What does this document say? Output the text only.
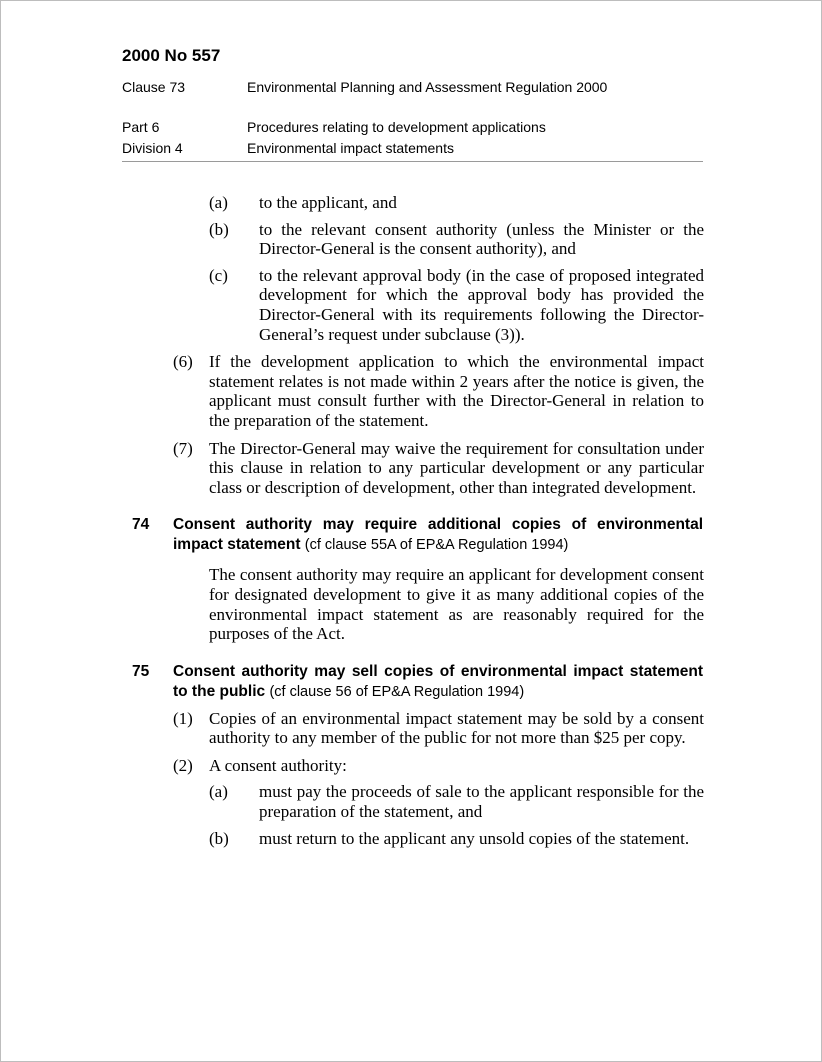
2000 No 557
Clause 73	Environmental Planning and Assessment Regulation 2000
Part 6	Procedures relating to development applications
Division 4	Environmental impact statements
(a) to the applicant, and
(b) to the relevant consent authority (unless the Minister or the Director-General is the consent authority), and
(c) to the relevant approval body (in the case of proposed integrated development for which the approval body has provided the Director-General with its requirements following the Director-General’s request under subclause (3)).
(6) If the development application to which the environmental impact statement relates is not made within 2 years after the notice is given, the applicant must consult further with the Director-General in relation to the preparation of the statement.
(7) The Director-General may waive the requirement for consultation under this clause in relation to any particular development or any particular class or description of development, other than integrated development.
74 Consent authority may require additional copies of environmental impact statement (cf clause 55A of EP&A Regulation 1994)
The consent authority may require an applicant for development consent for designated development to give it as many additional copies of the environmental impact statement as are reasonably required for the purposes of the Act.
75 Consent authority may sell copies of environmental impact statement to the public (cf clause 56 of EP&A Regulation 1994)
(1) Copies of an environmental impact statement may be sold by a consent authority to any member of the public for not more than $25 per copy.
(2) A consent authority:
(a) must pay the proceeds of sale to the applicant responsible for the preparation of the statement, and
(b) must return to the applicant any unsold copies of the statement.
